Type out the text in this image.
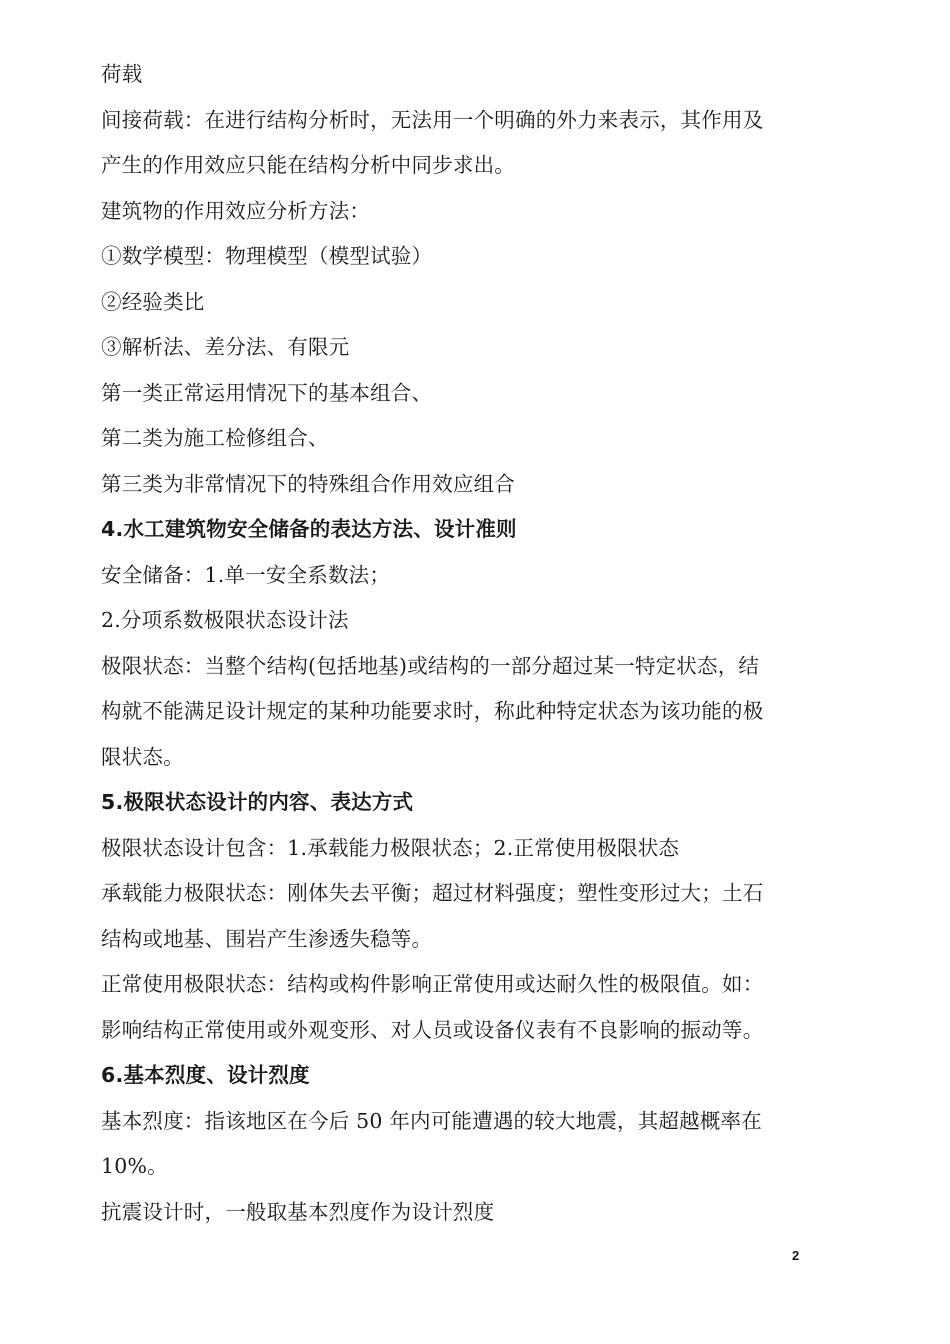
荷载
间接荷载：在进行结构分析时，无法用一个明确的外力来表示，其作用及
产生的作用效应只能在结构分析中同步求出。
建筑物的作用效应分析方法：
①数学模型：物理模型（模型试验）
②经验类比
③解析法、差分法、有限元
第一类正常运用情况下的基本组合、
第二类为施工检修组合、
第三类为非常情况下的特殊组合作用效应组合
4.水工建筑物安全储备的表达方法、设计准则
安全储备：1.单一安全系数法；
2.分项系数极限状态设计法
极限状态：当整个结构(包括地基)或结构的一部分超过某一特定状态，结
构就不能满足设计规定的某种功能要求时，称此种特定状态为该功能的极
限状态。
5.极限状态设计的内容、表达方式
极限状态设计包含：1.承载能力极限状态；2.正常使用极限状态
承载能力极限状态：刚体失去平衡；超过材料强度；塑性变形过大；土石
结构或地基、围岩产生渗透失稳等。
正常使用极限状态：结构或构件影响正常使用或达耐久性的极限值。如：
影响结构正常使用或外观变形、对人员或设备仪表有不良影响的振动等。
6.基本烈度、设计烈度
基本烈度：指该地区在今后 50 年内可能遭遇的较大地震，其超越概率在
10%。
抗震设计时，一般取基本烈度作为设计烈度
2
